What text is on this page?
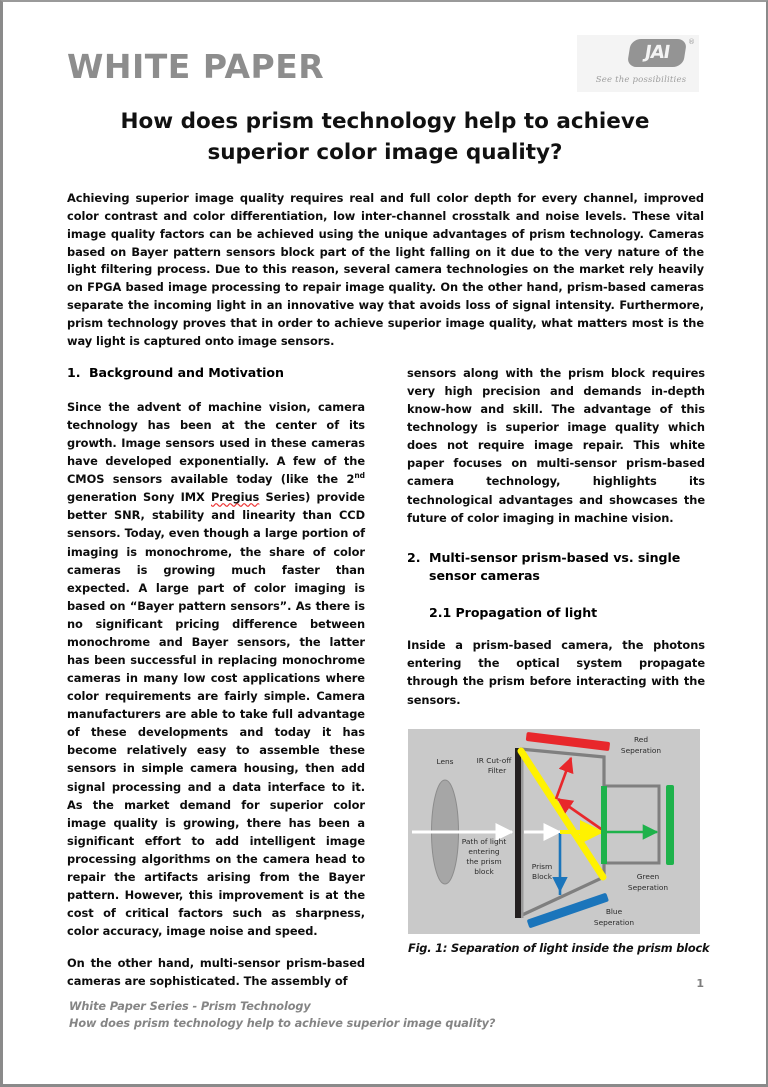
WHITE PAPER	JAI	®
See the possibilities
How does prism technology help to achieve superior color image quality?
Achieving superior image quality requires real and full color depth for every channel, improved color contrast and color differentiation, low inter-channel crosstalk and noise levels. These vital image quality factors can be achieved using the unique advantages of prism technology. Cameras based on Bayer pattern sensors block part of the light falling on it due to the very nature of the light filtering process. Due to this reason, several camera technologies on the market rely heavily on FPGA based image processing to repair image quality. On the other hand, prism-based cameras separate the incoming light in an innovative way that avoids loss of signal intensity. Furthermore, prism technology proves that in order to achieve superior image quality, what matters most is the way light is captured onto image sensors.
1. Background and Motivation

Since the advent of machine vision, camera technology has been at the center of its growth. Image sensors used in these cameras have developed exponentially. A few of the CMOS sensors available today (like the 2nd generation Sony IMX Pregius Series) provide better SNR, stability and linearity than CCD sensors. Today, even though a large portion of imaging is monochrome, the share of color cameras is growing much faster than expected. A large part of color imaging is based on “Bayer pattern sensors”. As there is no significant pricing difference between monochrome and Bayer sensors, the latter has been successful in replacing monochrome cameras in many low cost applications where color requirements are fairly simple. Camera manufacturers are able to take full advantage of these developments and today it has become relatively easy to assemble these sensors in simple camera housing, then add signal processing and a data interface to it. As the market demand for superior color image quality is growing, there has been a significant effort to add intelligent image processing algorithms on the camera head to repair the artifacts arising from the Bayer pattern. However, this improvement is at the cost of critical factors such as sharpness, color accuracy, image noise and speed.

On the other hand, multi-sensor prism-based cameras are sophisticated. The assembly of

sensors along with the prism block requires very high precision and demands in-depth know-how and skill. The advantage of this technology is superior image quality which does not require image repair. This white paper focuses on multi-sensor prism-based camera technology, highlights its technological advantages and showcases the future of color imaging in machine vision.

2. Multi-sensor prism-based vs. single sensor cameras
2.1 Propagation of light

Inside a prism-based camera, the photons entering the optical system propagate through the prism before interacting with the sensors.

Lens	IR Cut-off
Filter
Path of light
entering
the prism
block
Prism
Block
Red
Seperation
Green
Seperation
Blue
Seperation
Fig. 1: Separation of light inside the prism block
1
White Paper Series - Prism Technology
How does prism technology help to achieve superior image quality?
